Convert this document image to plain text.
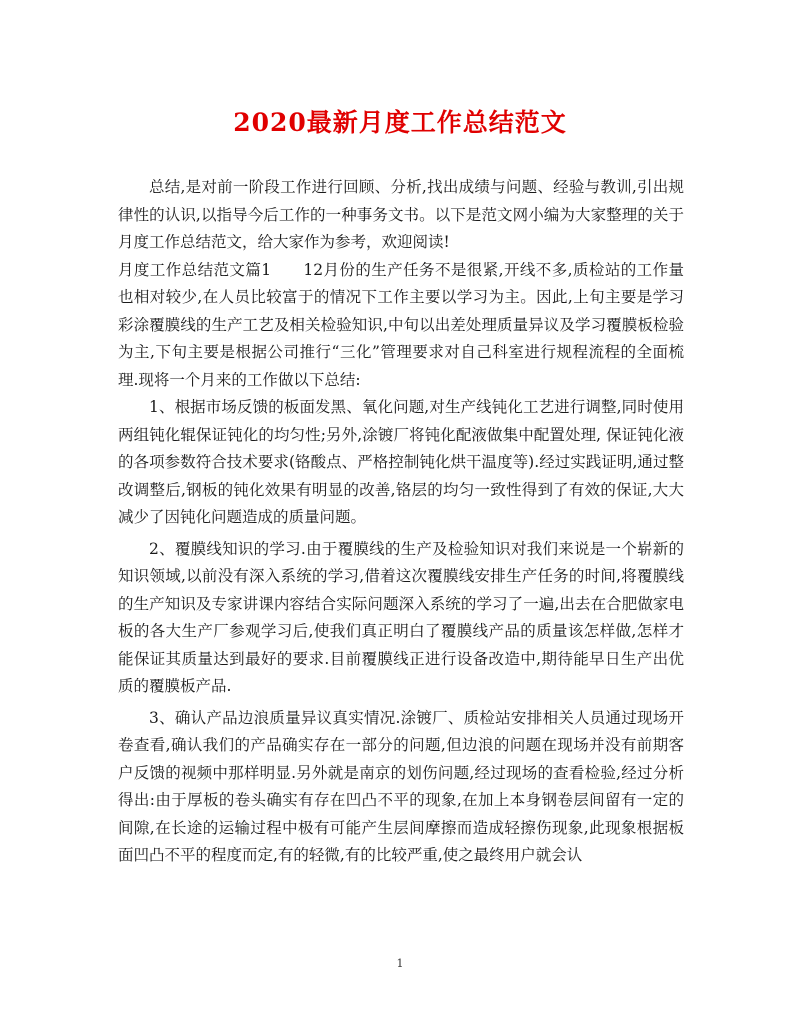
2020最新月度工作总结范文

总结,是对前一阶段工作进行回顾、分析,找出成绩与问题、经验与教训,引出规律性的认识,以指导今后工作的一种事务文书。以下是范文网小编为大家整理的关于月度工作总结范文，给大家作为参考，欢迎阅读!

月度工作总结范文篇1　　12月份的生产任务不是很紧,开线不多,质检站的工作量也相对较少,在人员比较富于的情况下工作主要以学习为主。因此,上旬主要是学习彩涂覆膜线的生产工艺及相关检验知识,中旬以出差处理质量异议及学习覆膜板检验为主,下旬主要是根据公司推行“三化”管理要求对自己科室进行规程流程的全面梳理.现将一个月来的工作做以下总结:

1、根据市场反馈的板面发黑、氧化问题,对生产线钝化工艺进行调整,同时使用两组钝化辊保证钝化的均匀性;另外,涂镀厂将钝化配液做集中配置处理, 保证钝化液的各项参数符合技术要求(铬酸点、严格控制钝化烘干温度等).经过实践证明,通过整改调整后,钢板的钝化效果有明显的改善,铬层的均匀一致性得到了有效的保证,大大减少了因钝化问题造成的质量问题。

2、覆膜线知识的学习.由于覆膜线的生产及检验知识对我们来说是一个崭新的知识领域,以前没有深入系统的学习,借着这次覆膜线安排生产任务的时间,将覆膜线的生产知识及专家讲课内容结合实际问题深入系统的学习了一遍,出去在合肥做家电板的各大生产厂参观学习后,使我们真正明白了覆膜线产品的质量该怎样做,怎样才能保证其质量达到最好的要求.目前覆膜线正进行设备改造中,期待能早日生产出优质的覆膜板产品.

3、确认产品边浪质量异议真实情况.涂镀厂、质检站安排相关人员通过现场开卷查看,确认我们的产品确实存在一部分的问题,但边浪的问题在现场并没有前期客户反馈的视频中那样明显.另外就是南京的划伤问题,经过现场的查看检验,经过分析得出:由于厚板的卷头确实有存在凹凸不平的现象,在加上本身钢卷层间留有一定的间隙,在长途的运输过程中极有可能产生层间摩擦而造成轻擦伤现象,此现象根据板面凹凸不平的程度而定,有的轻微,有的比较严重,使之最终用户就会认

1
